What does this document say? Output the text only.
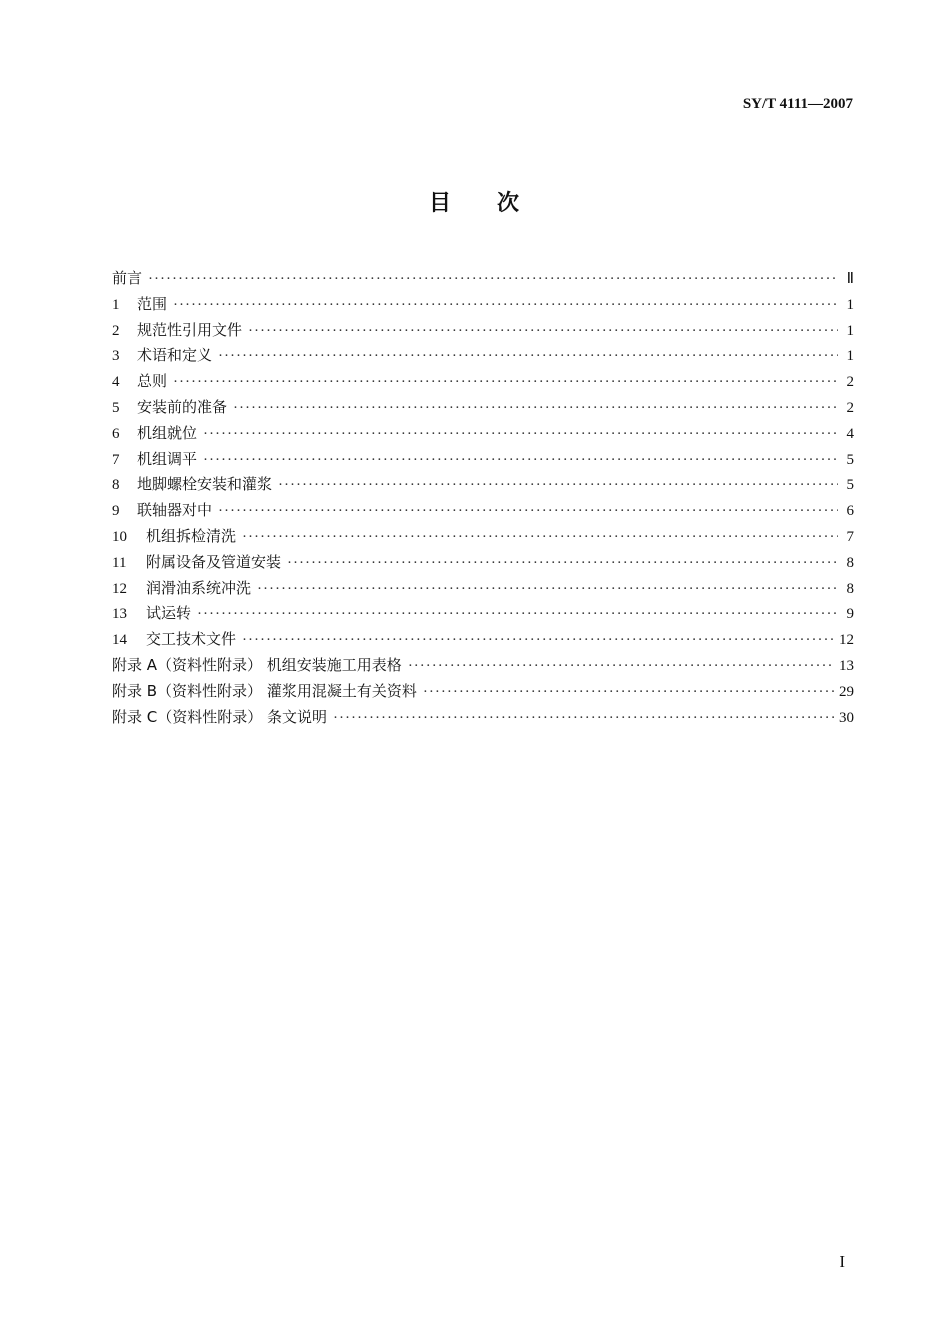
SY/T 4111—2007
目 次
前言 ·····	Ⅱ
1	范围 ·····	1
2	规范性引用文件 ·····	1
3	术语和定义 ·····	1
4	总则 ·····	2
5	安装前的准备 ·····	2
6	机组就位 ·····	4
7	机组调平 ·····	5
8	地脚螺栓安装和灌浆 ·····	5
9	联轴器对中 ·····	6
10	机组拆检清洗 ·····	7
11	附属设备及管道安装 ·····	8
12	润滑油系统冲洗 ·····	8
13	试运转 ·····	9
14	交工技术文件 ·····	12
附录 A（资料性附录） 机组安装施工用表格 ·····	13
附录 B（资料性附录） 灌浆用混凝土有关资料 ·····	29
附录 C（资料性附录） 条文说明 ·····	30
I
